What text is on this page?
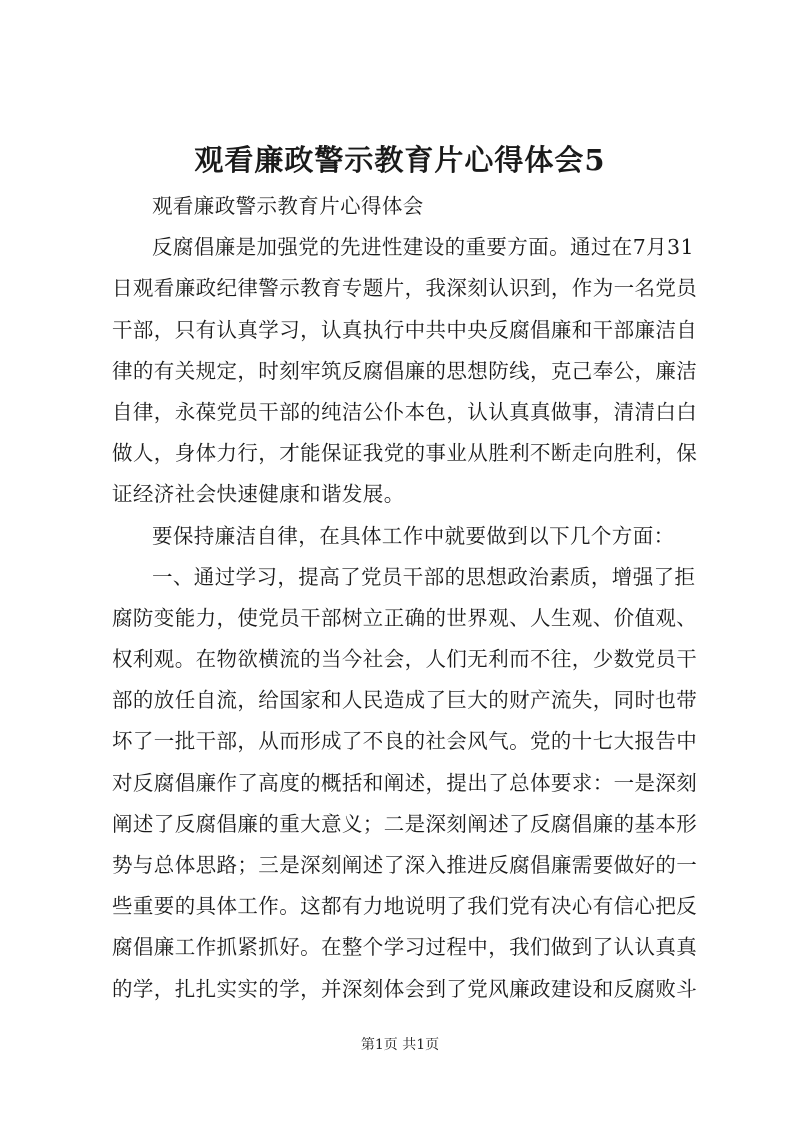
观看廉政警示教育片心得体会5

观看廉政警示教育片心得体会

反腐倡廉是加强党的先进性建设的重要方面。通过在7月31

日观看廉政纪律警示教育专题片，我深刻认识到，作为一名党员

干部，只有认真学习，认真执行中共中央反腐倡廉和干部廉洁自

律的有关规定，时刻牢筑反腐倡廉的思想防线，克己奉公，廉洁

自律，永葆党员干部的纯洁公仆本色，认认真真做事，清清白白

做人，身体力行，才能保证我党的事业从胜利不断走向胜利，保

证经济社会快速健康和谐发展。

要保持廉洁自律，在具体工作中就要做到以下几个方面：

一、通过学习，提高了党员干部的思想政治素质，增强了拒

腐防变能力，使党员干部树立正确的世界观、人生观、价值观、

权利观。在物欲横流的当今社会，人们无利而不往，少数党员干

部的放任自流，给国家和人民造成了巨大的财产流失，同时也带

坏了一批干部，从而形成了不良的社会风气。党的十七大报告中

对反腐倡廉作了高度的概括和阐述，提出了总体要求：一是深刻

阐述了反腐倡廉的重大意义；二是深刻阐述了反腐倡廉的基本形

势与总体思路；三是深刻阐述了深入推进反腐倡廉需要做好的一

些重要的具体工作。这都有力地说明了我们党有决心有信心把反

腐倡廉工作抓紧抓好。在整个学习过程中，我们做到了认认真真

的学，扎扎实实的学，并深刻体会到了党风廉政建设和反腐败斗

第1页 共1页
